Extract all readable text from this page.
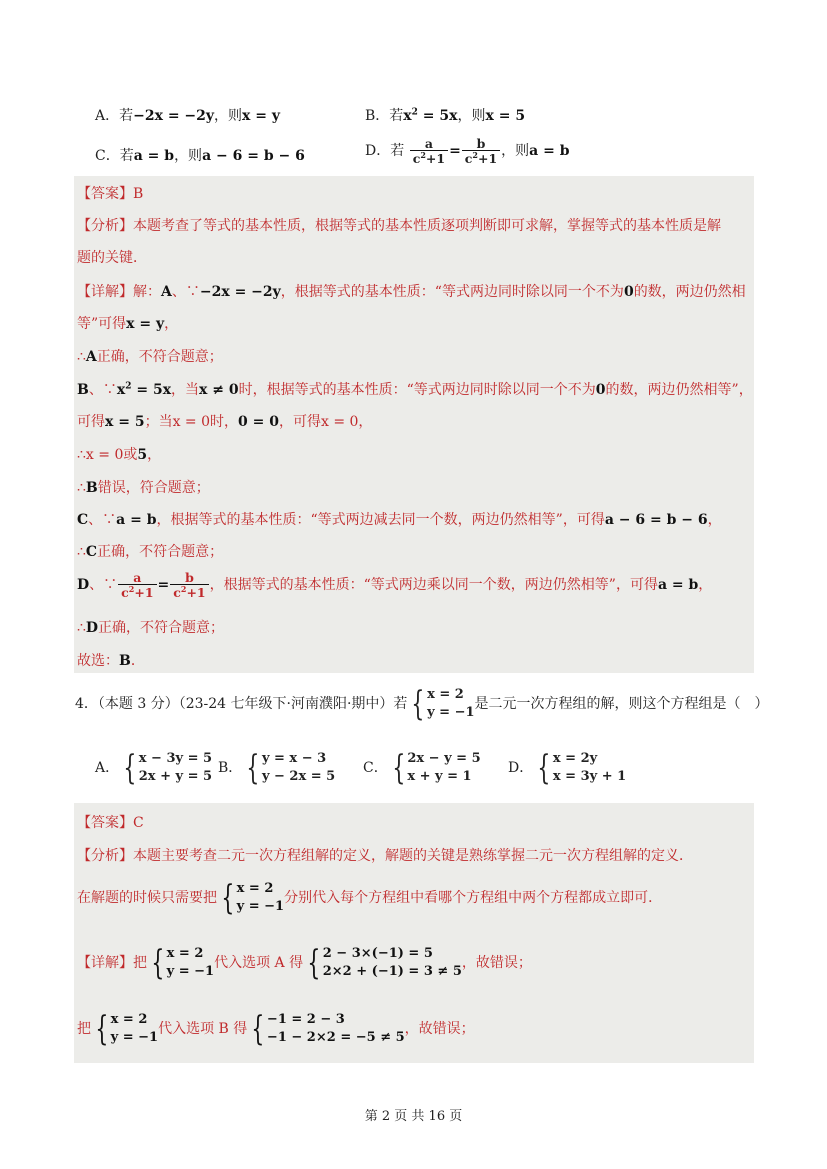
A．若−2x = −2y，则x = y	B．若$x^2 = 5x$，则x = 5
C．若a = b，则a − 6 = b − 6	D．若 $\frac{a}{c^2+1} = \frac{b}{c^2+1}$ ，则a = b
【答案】B
【分析】本题考查了等式的基本性质，根据等式的基本性质逐项判断即可求解，掌握等式的基本性质是解
题的关键．
【详解】解：A、∵−2x = −2y，根据等式的基本性质：“等式两边同时除以同一个不为0的数，两边仍然相
等”可得x = y，
∴A正确，不符合题意；
B、$\because x^2 = 5x$，当x ≠ 0时，根据等式的基本性质：“等式两边同时除以同一个不为0的数，两边仍然相等”，
可得x = 5；当x = 0时，0 = 0，可得x = 0，
∴x = 0或5，
∴B错误，符合题意；
C、∵a = b，根据等式的基本性质：“等式两边减去同一个数，两边仍然相等”，可得a − 6 = b − 6，
∴C正确，不符合题意；
D、∵ $\frac{a}{c^2+1} = \frac{b}{c^2+1}$ ，根据等式的基本性质：“等式两边乘以同一个数，两边仍然相等”，可得a = b，
∴D正确，不符合题意；
故选：B．
4．（本题 3 分）（23-24 七年级下·河南濮阳·期中）若 { x = 2
y = −1
是二元一次方程组的解，则这个方程组是（　）
A． { x − 3y = 5
2x + y = 5
B． { y = x − 3
y − 2x = 5
C． { 2x − y = 5
x + y = 1
D． { x = 2y
x = 3y + 1
【答案】C
【分析】本题主要考查二元一次方程组解的定义，解题的关键是熟练掌握二元一次方程组解的定义．
在解题的时候只需要把 { x = 2
y = −1
分别代入每个方程组中看哪个方程组中两个方程都成立即可．
【详解】把 { x = 2
y = −1
代入选项 A 得 { 2 − 3×(−1) = 5
2×2 + (−1) = 3 ≠ 5
，故错误；
把 { x = 2
y = −1
代入选项 B 得 { −1 = 2 − 3
−1 − 2×2 = −5 ≠ 5
，故错误；
第 2 页 共 16 页
